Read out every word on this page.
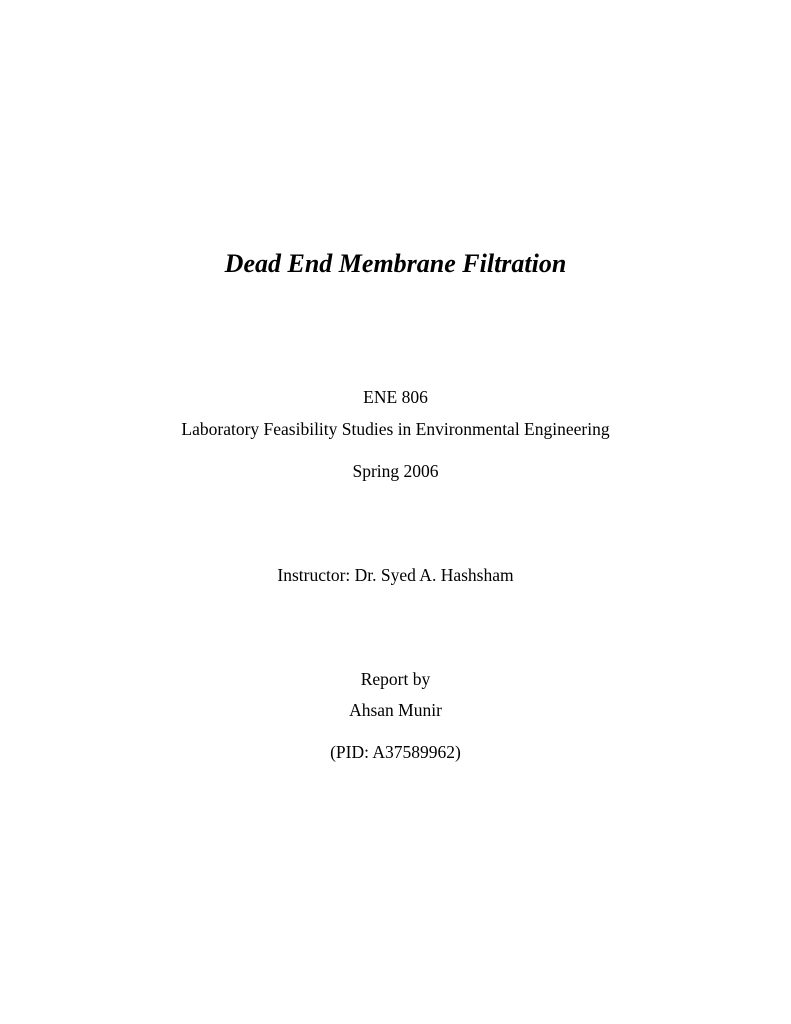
Dead End Membrane Filtration
ENE 806
Laboratory Feasibility Studies in Environmental Engineering
Spring 2006
Instructor: Dr. Syed A. Hashsham
Report by
Ahsan Munir
(PID: A37589962)
